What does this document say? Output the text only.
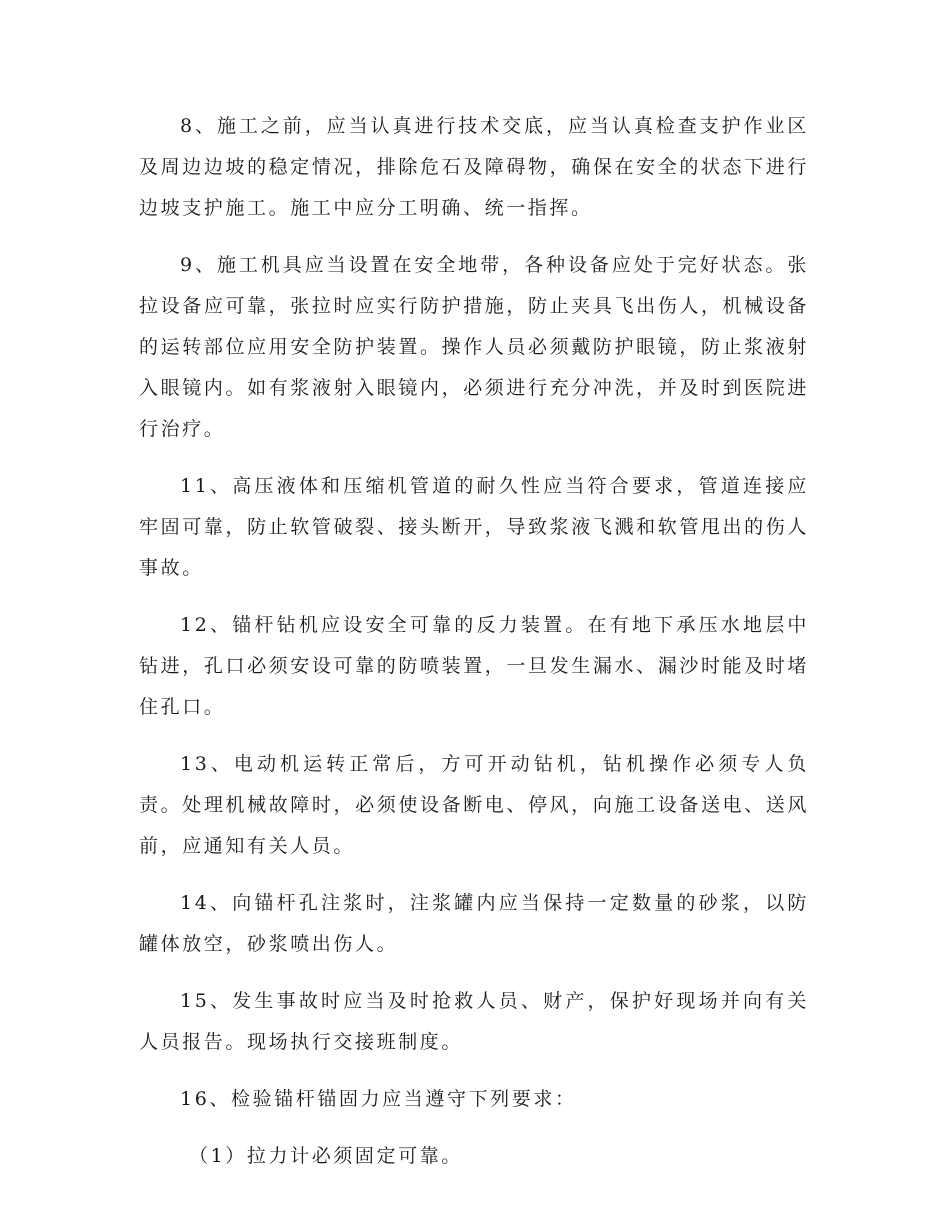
8、施工之前，应当认真进行技术交底，应当认真检查支护作业区及周边边坡的稳定情况，排除危石及障碍物，确保在安全的状态下进行边坡支护施工。施工中应分工明确、统一指挥。

9、施工机具应当设置在安全地带，各种设备应处于完好状态。张拉设备应可靠，张拉时应实行防护措施，防止夹具飞出伤人，机械设备的运转部位应用安全防护装置。操作人员必须戴防护眼镜，防止浆液射入眼镜内。如有浆液射入眼镜内，必须进行充分冲洗，并及时到医院进行治疗。

11、高压液体和压缩机管道的耐久性应当符合要求，管道连接应牢固可靠，防止软管破裂、接头断开，导致浆液飞溅和软管甩出的伤人事故。

12、锚杆钻机应设安全可靠的反力装置。在有地下承压水地层中钻进，孔口必须安设可靠的防喷装置，一旦发生漏水、漏沙时能及时堵住孔口。

13、电动机运转正常后，方可开动钻机，钻机操作必须专人负责。处理机械故障时，必须使设备断电、停风，向施工设备送电、送风前，应通知有关人员。

14、向锚杆孔注浆时，注浆罐内应当保持一定数量的砂浆，以防罐体放空，砂浆喷出伤人。

15、发生事故时应当及时抢救人员、财产，保护好现场并向有关人员报告。现场执行交接班制度。

16、检验锚杆锚固力应当遵守下列要求：

（1）拉力计必须固定可靠。
